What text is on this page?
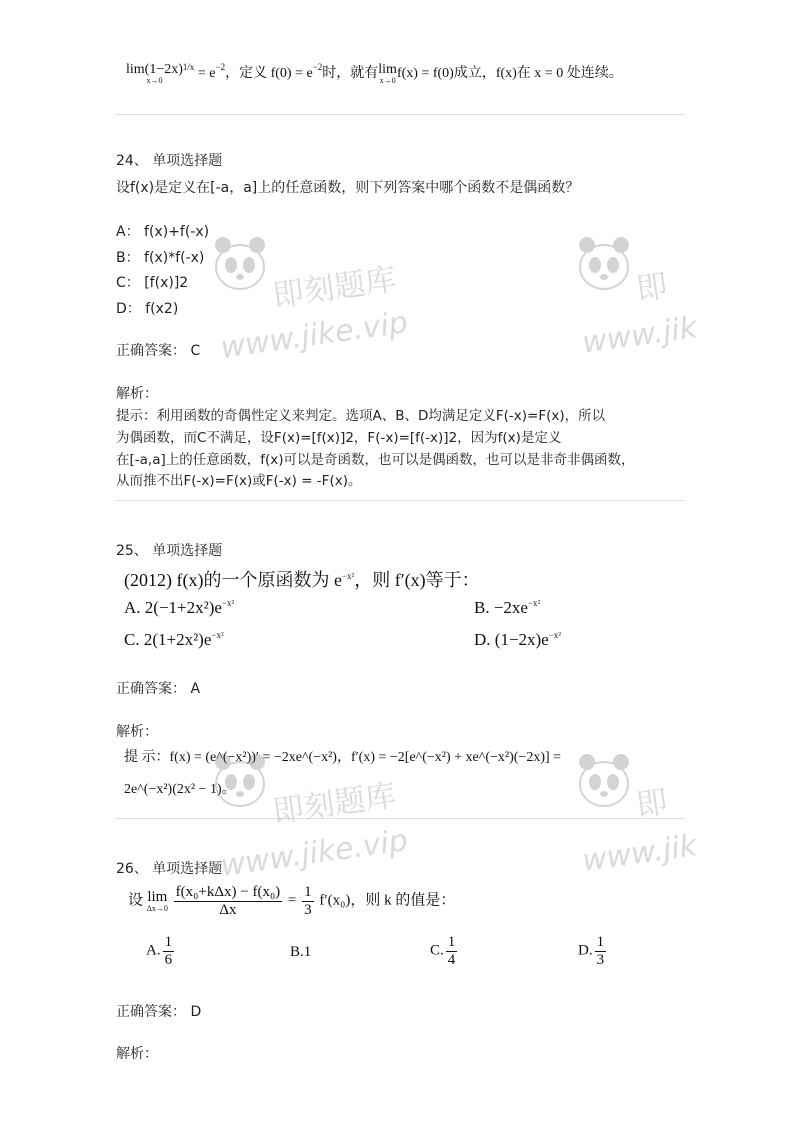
lim(1−2x)
x→0
$^{1/x} = e^{-2}$，定义 $f(0) = e^{-2}$时，就有lim
x→0 f(x) = f(0)成立，f(x)在 x = 0 处连续。
24、 单项选择题
设f(x)是定义在[-a，a]上的任意函数，则下列答案中哪个函数不是偶函数？
A： f(x)+f(-x)
B： f(x)*f(-x)
C： [f(x)]2
D： f(x2)
正确答案： C
解析：
提示：利用函数的奇偶性定义来判定。选项A、B、D均满足定义F(-x)=F(x)，所以
为偶函数，而C不满足，设F(x)=[f(x)]2，F(-x)=[f(-x)]2，因为f(x)是定义
在[-a,a]上的任意函数，f(x)可以是奇函数，也可以是偶函数，也可以是非奇非偶函数，
从而推不出F(-x)=F(x)或F(-x) = -F(x)。
25、 单项选择题
(2012) f(x)的一个原函数为 $e^{-x^2}$，则 f′(x)等于：
A. $2(-1+2x^2)e^{-x^2}$	B. $-2xe^{-x^2}$
C. $2(1+2x^2)e^{-x^2}$	D. $(1-2x)e^{-x^2}$
正确答案： A
解析：
提 示：f(x) = (e^(−x²))′ = −2xe^(−x²)，f′(x) = −2[e^(−x²) + xe^(−x²)(−2x)] =
2e^(−x²)(2x² − 1)。
26、 单项选择题
设 lim
Δx→0
$\frac{\text{f(x₀+kΔx) − f(x₀)}}{\Delta x} = \frac{1}{3} f'(x_0)$，则 k 的值是：
A. $\frac{1}{6}$	B.1	C. $\frac{1}{4}$	D. $\frac{1}{3}$
正确答案： D
解析：
即刻题库
www.jike.vip
即
www.jik
即刻题库
www.jike.vip
即
www.jik
